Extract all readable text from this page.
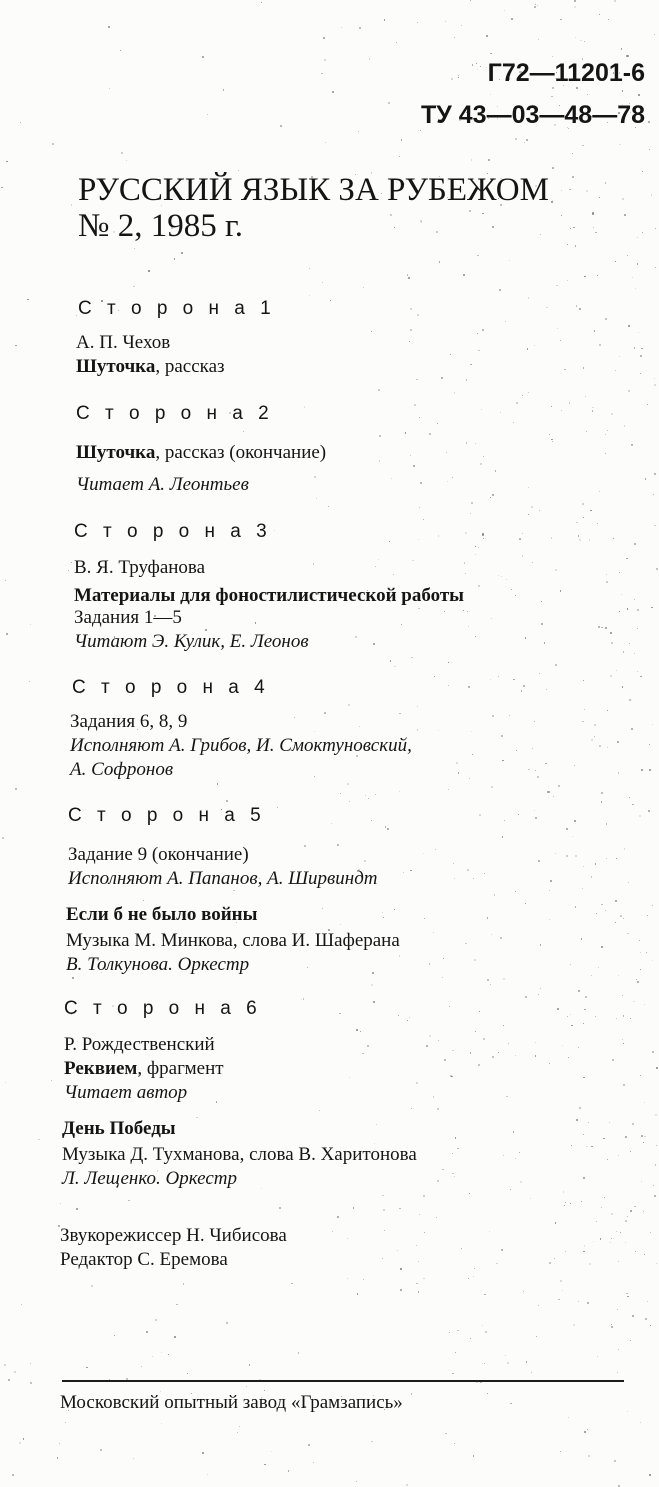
Г72—11201-6
ТУ 43—03—48—78
РУССКИЙ ЯЗЫК ЗА РУБЕЖОМ
№ 2, 1985 г.
С т о р о н а 1
А. П. Чехов
Шуточка, рассказ
С т о р о н а 2
Шуточка, рассказ (окончание)
Читает А. Леонтьев
С т о р о н а 3
В. Я. Труфанова
Материалы для фоностилистической работы
Задания 1—5
Читают Э. Кулик, Е. Леонов
С т о р о н а 4
Задания 6, 8, 9
Исполняют А. Грибов, И. Смоктуновский,
А. Софронов
С т о р о н а 5
Задание 9 (окончание)
Исполняют А. Папанов, А. Ширвиндт
Если б не было войны
Музыка М. Минкова, слова И. Шаферана
В. Толкунова. Оркестр
С т о р о н а 6
Р. Рождественский
Реквием, фрагмент
Читает автор
День Победы
Музыка Д. Тухманова, слова В. Харитонова
Л. Лещенко. Оркестр
Звукорежиссер Н. Чибисова
Редактор С. Еремова
Московский опытный завод «Грамзапись»
